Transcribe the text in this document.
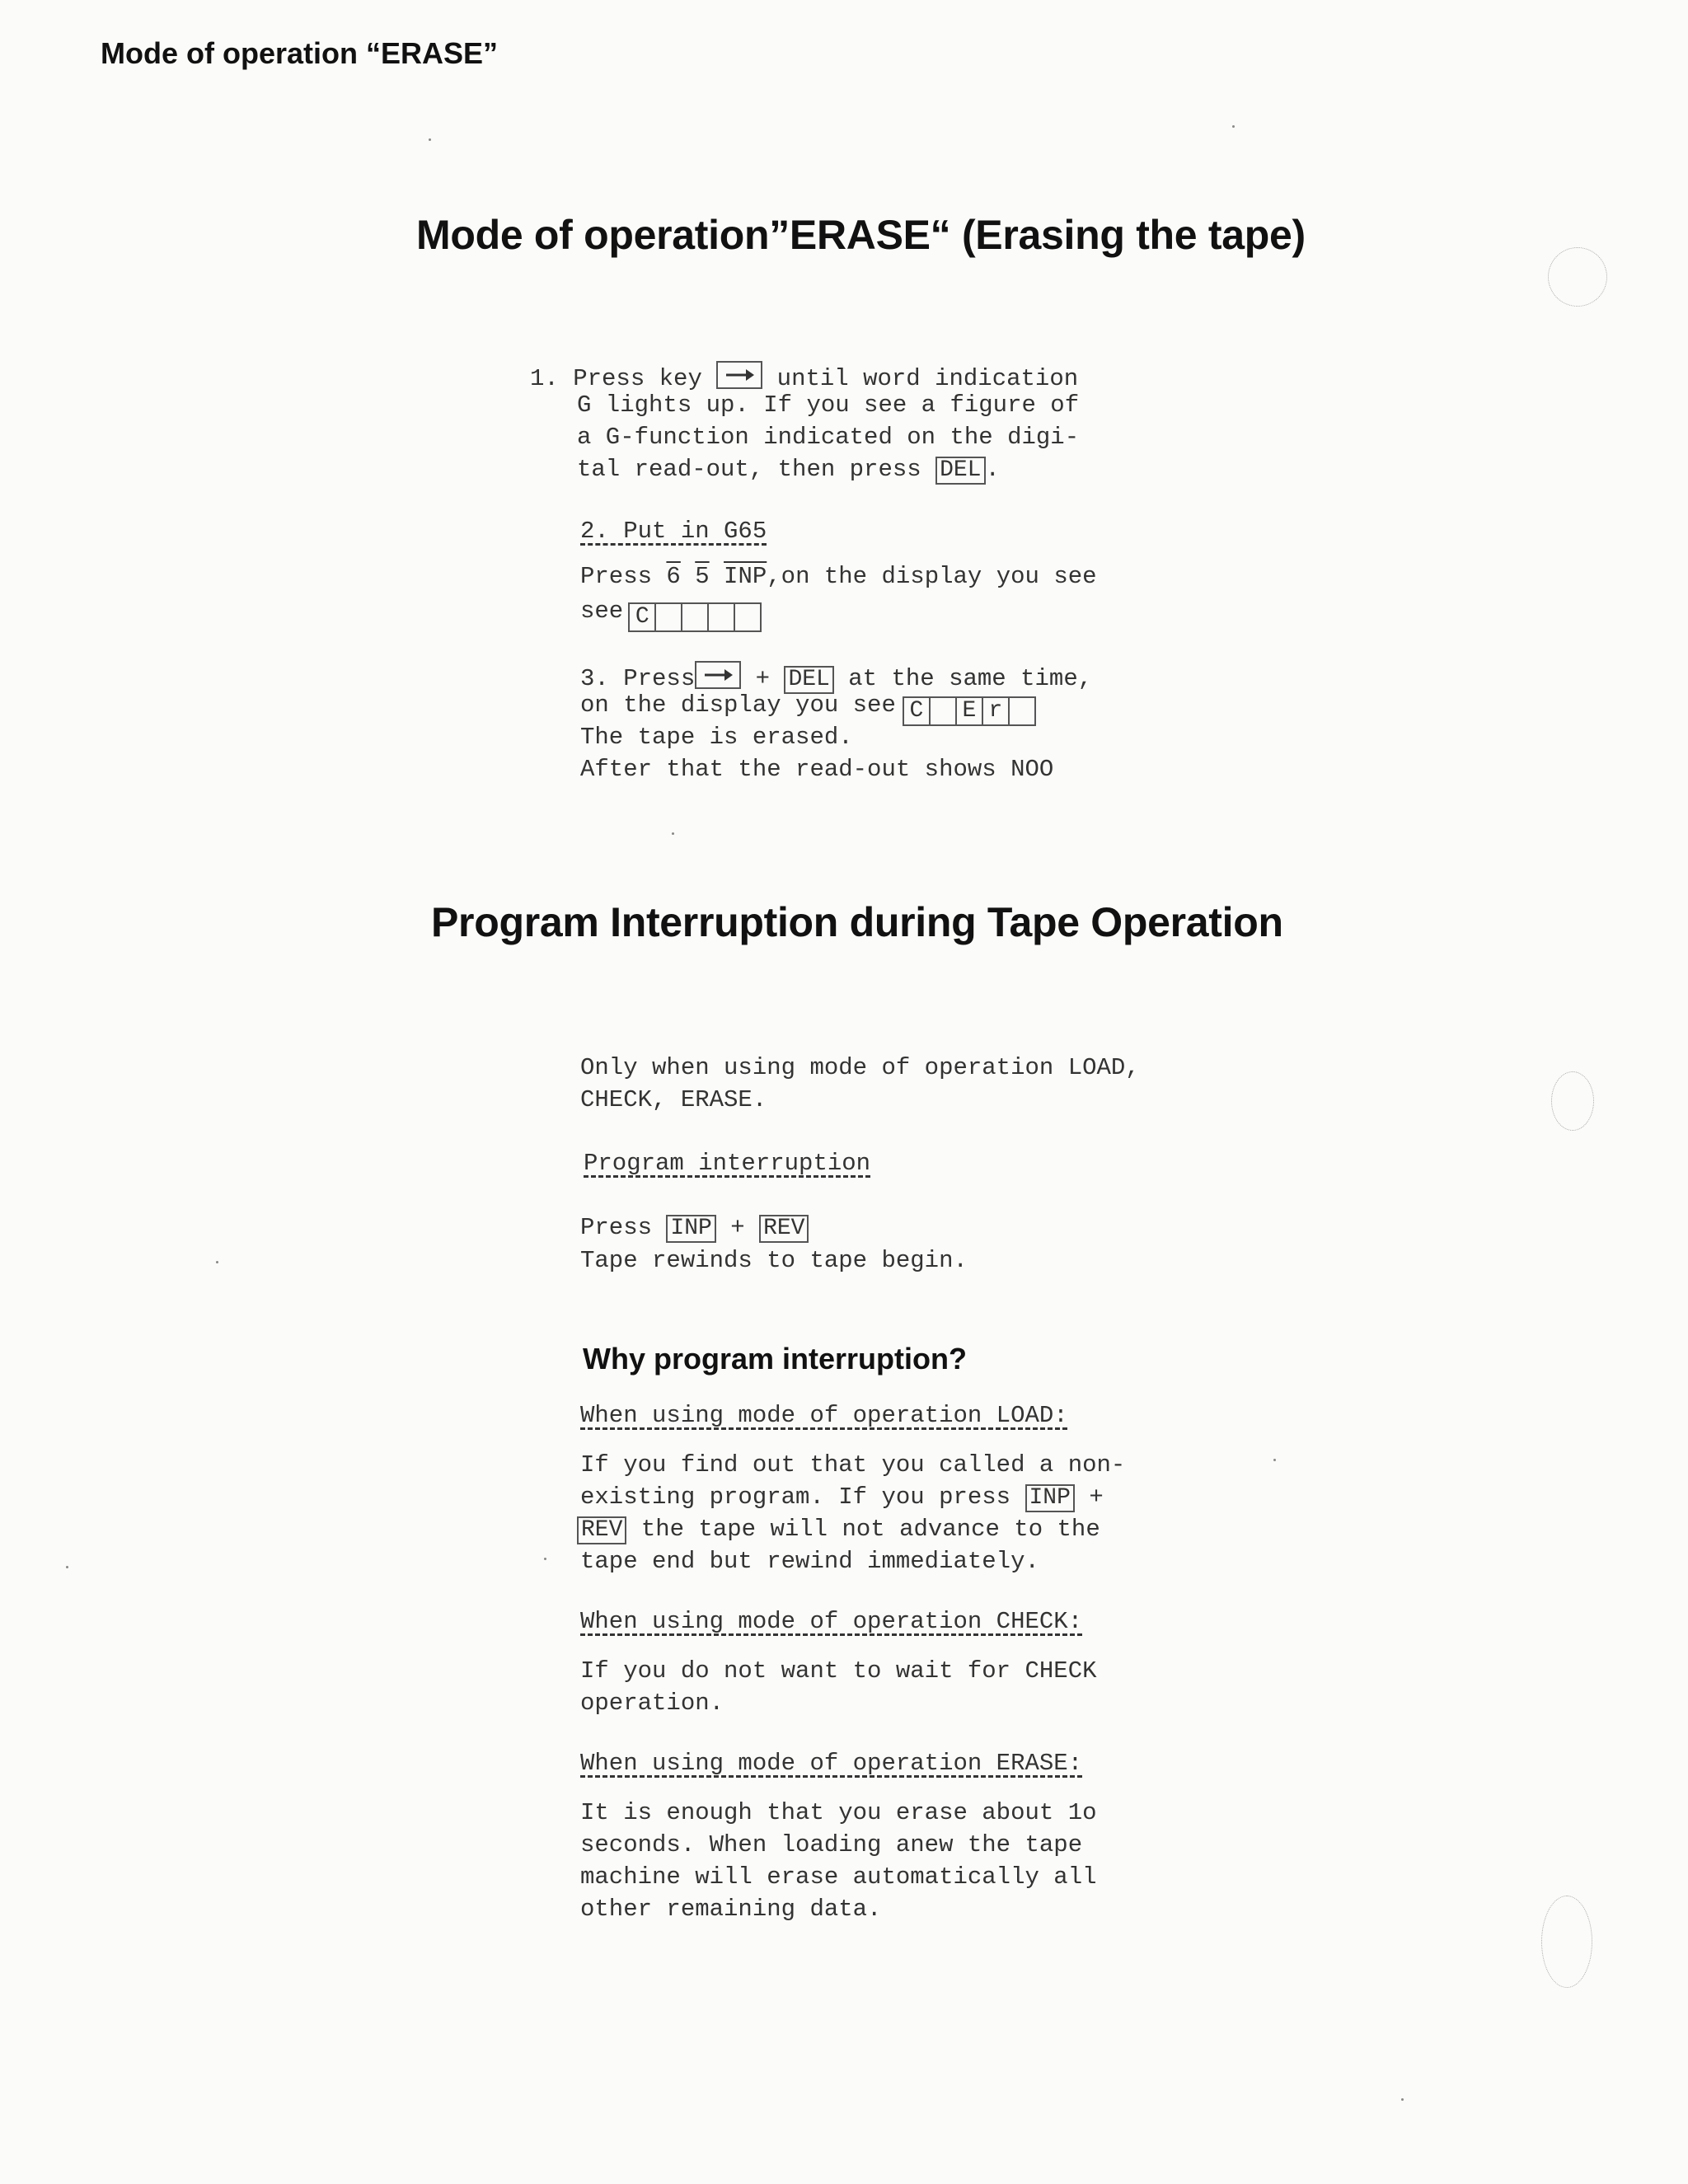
Mode of operation “ERASE”
Mode of operation”ERASE“ (Erasing the tape)
1. Press key	until word indication
G lights up. If you see a figure of
a G-function indicated on the digi-
tal read-out, then press DEL .
2. Put in G65
Press 6 5 $\overline{INP},on$ the display you see
see C
3. Press	+ DEL at the same time,
on the display you see C	E r
The tape is erased.
After that the read-out shows NOO
Program Interruption during Tape Operation
Only when using mode of operation LOAD,
CHECK, ERASE.
Program interruption
Press INP + REV
Tape rewinds to tape begin.
Why program interruption?
When using mode of operation LOAD:
If you find out that you called a non-
existing program. If you press INP +
REV the tape will not advance to the
tape end but rewind immediately.
When using mode of operation CHECK:
If you do not want to wait for CHECK
operation.
When using mode of operation ERASE:
It is enough that you erase about 1o
seconds. When loading anew the tape
machine will erase automatically all
other remaining data.
